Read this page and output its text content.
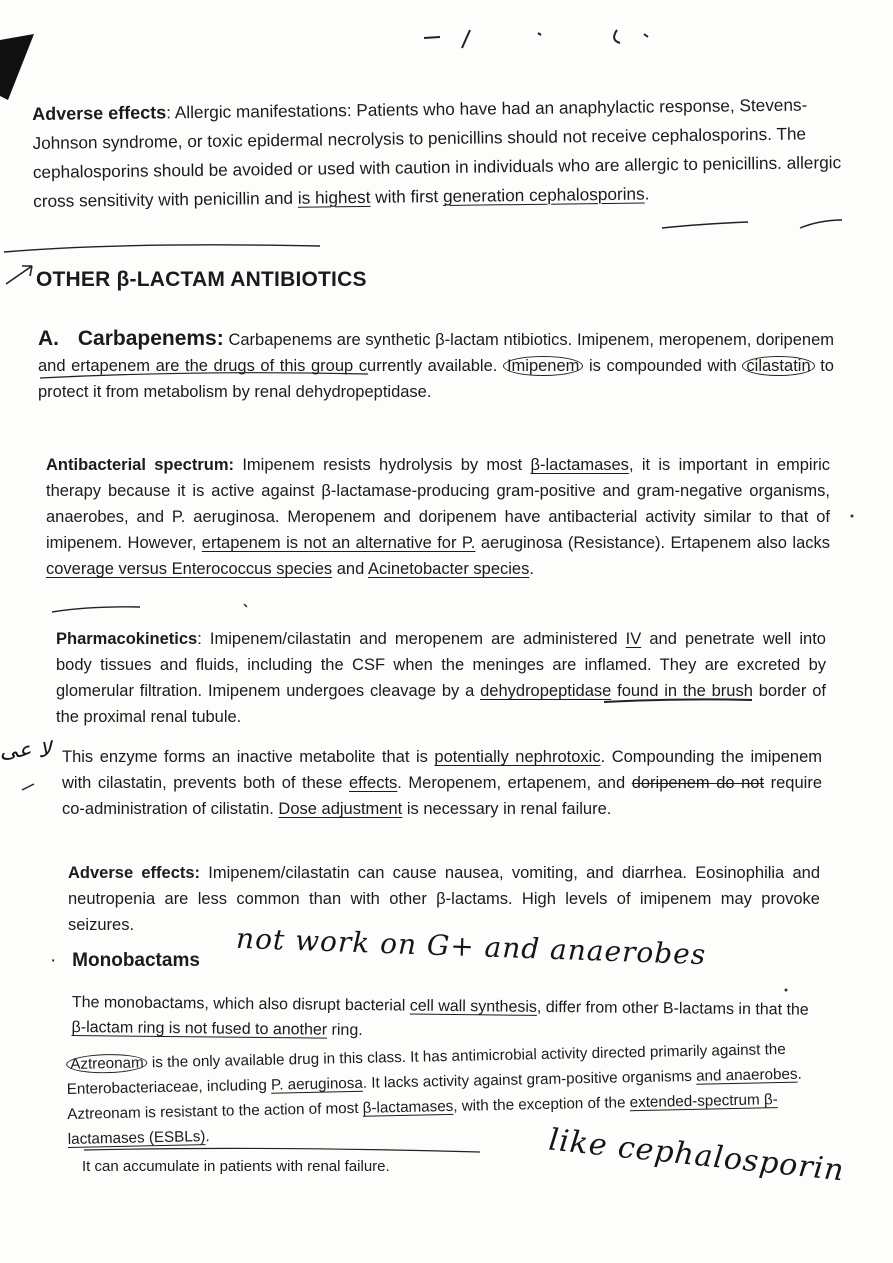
Adverse effects: Allergic manifestations: Patients who have had an anaphylactic response, Stevens-Johnson syndrome, or toxic epidermal necrolysis to penicillins should not receive cephalosporins. The cephalosporins should be avoided or used with caution in individuals who are allergic to penicillins. allergic cross sensitivity with penicillin and is highest with first generation cephalosporins.

OTHER β-LACTAM ANTIBIOTICS

A. Carbapenems: Carbapenems are synthetic β-lactam ntibiotics. Imipenem, meropenem, doripenem and ertapenem are the drugs of this group currently available. Imipenem is compounded with cilastatin to protect it from metabolism by renal dehydropeptidase.

Antibacterial spectrum: Imipenem resists hydrolysis by most β-lactamases, it is important in empiric therapy because it is active against β-lactamase-producing gram-positive and gram-negative organisms, anaerobes, and P. aeruginosa. Meropenem and doripenem have antibacterial activity similar to that of imipenem. However, ertapenem is not an alternative for P. aeruginosa (Resistance). Ertapenem also lacks coverage versus Enterococcus species and Acinetobacter species.

Pharmacokinetics: Imipenem/cilastatin and meropenem are administered IV and penetrate well into body tissues and fluids, including the CSF when the meninges are inflamed. They are excreted by glomerular filtration. Imipenem undergoes cleavage by a dehydropeptidase found in the brush border of the proximal renal tubule.

لا عى This enzyme forms an inactive metabolite that is potentially nephrotoxic. Compounding the imipenem with cilastatin, prevents both of these effects. Meropenem, ertapenem, and doripenem do not require co-administration of cilistatin. Dose adjustment is necessary in renal failure.

Adverse effects: Imipenem/cilastatin can cause nausea, vomiting, and diarrhea. Eosinophilia and neutropenia are less common than with other β-lactams. High levels of imipenem may provoke seizures.

· Monobactams	not work on G+ and anaerobes

The monobactams, which also disrupt bacterial cell wall synthesis, differ from other B-lactams in that the β-lactam ring is not fused to another ring.

Aztreonam is the only available drug in this class. It has antimicrobial activity directed primarily against the Enterobacteriaceae, including P. aeruginosa. It lacks activity against gram-positive organisms and anaerobes. Aztreonam is resistant to the action of most β-lactamases, with the exception of the extended-spectrum β-lactamases (ESBLs).

It can accumulate in patients with renal failure.	like cephalosporin
